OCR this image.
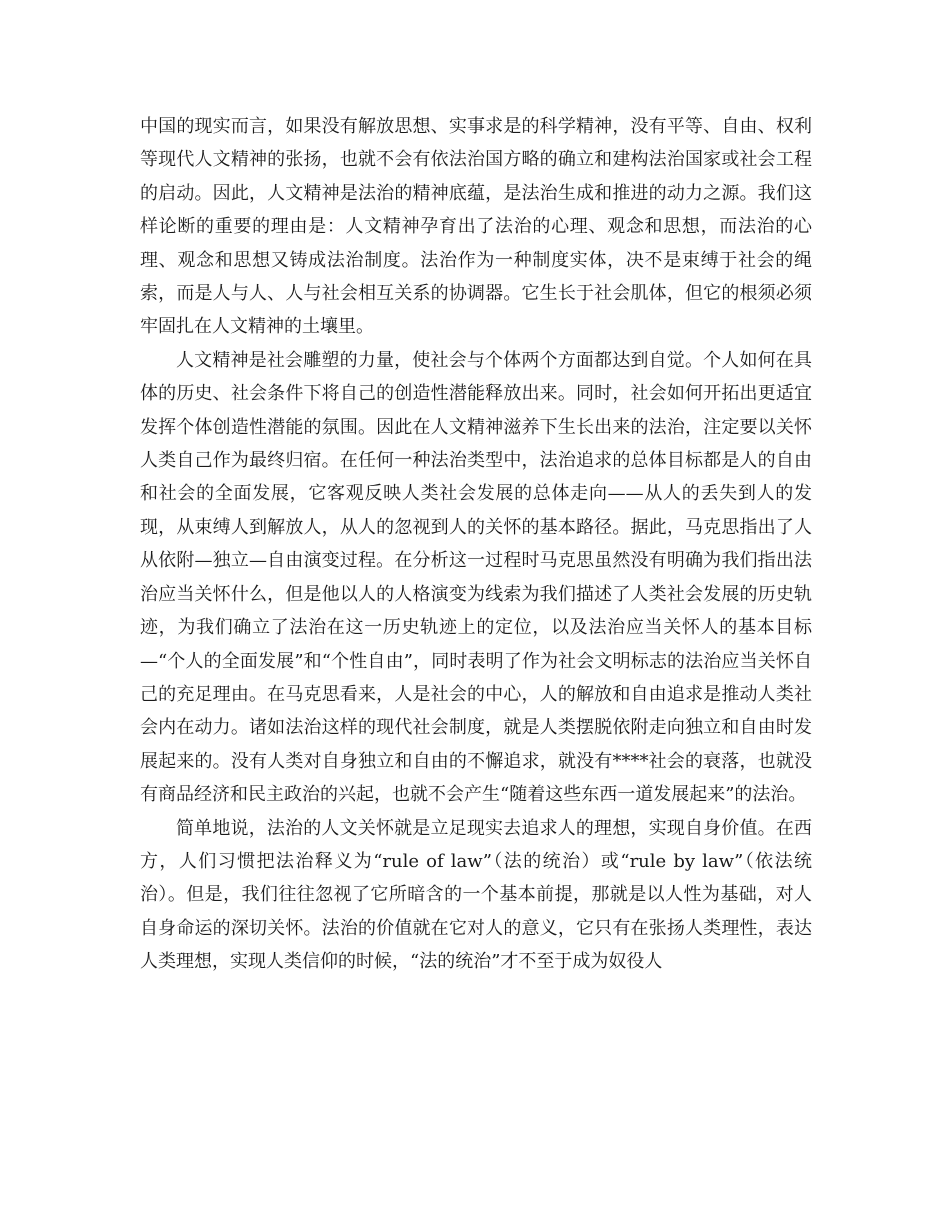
中国的现实而言，如果没有解放思想、实事求是的科学精神，没有平等、自由、权利等现代人文精神的张扬，也就不会有依法治国方略的确立和建构法治国家或社会工程的启动。因此，人文精神是法治的精神底蕴，是法治生成和推进的动力之源。我们这样论断的重要的理由是：人文精神孕育出了法治的心理、观念和思想，而法治的心理、观念和思想又铸成法治制度。法治作为一种制度实体，决不是束缚于社会的绳索，而是人与人、人与社会相互关系的协调器。它生长于社会肌体，但它的根须必须牢固扎在人文精神的土壤里。

人文精神是社会雕塑的力量，使社会与个体两个方面都达到自觉。个人如何在具体的历史、社会条件下将自己的创造性潜能释放出来。同时，社会如何开拓出更适宜发挥个体创造性潜能的氛围。因此在人文精神滋养下生长出来的法治，注定要以关怀人类自己作为最终归宿。在任何一种法治类型中，法治追求的总体目标都是人的自由和社会的全面发展，它客观反映人类社会发展的总体走向——从人的丢失到人的发现，从束缚人到解放人，从人的忽视到人的关怀的基本路径。据此，马克思指出了人从依附—独立—自由演变过程。在分析这一过程时马克思虽然没有明确为我们指出法治应当关怀什么，但是他以人的人格演变为线索为我们描述了人类社会发展的历史轨迹，为我们确立了法治在这一历史轨迹上的定位，以及法治应当关怀人的基本目标—“个人的全面发展”和“个性自由”，同时表明了作为社会文明标志的法治应当关怀自己的充足理由。在马克思看来，人是社会的中心，人的解放和自由追求是推动人类社会内在动力。诸如法治这样的现代社会制度，就是人类摆脱依附走向独立和自由时发展起来的。没有人类对自身独立和自由的不懈追求，就没有****社会的衰落，也就没有商品经济和民主政治的兴起，也就不会产生“随着这些东西一道发展起来”的法治。

简单地说，法治的人文关怀就是立足现实去追求人的理想，实现自身价值。在西方，人们习惯把法治释义为“rule of law”（法的统治）或“rule by law”（依法统治）。但是，我们往往忽视了它所暗含的一个基本前提，那就是以人性为基础，对人自身命运的深切关怀。法治的价值就在它对人的意义，它只有在张扬人类理性，表达人类理想，实现人类信仰的时候，“法的统治”才不至于成为奴役人
